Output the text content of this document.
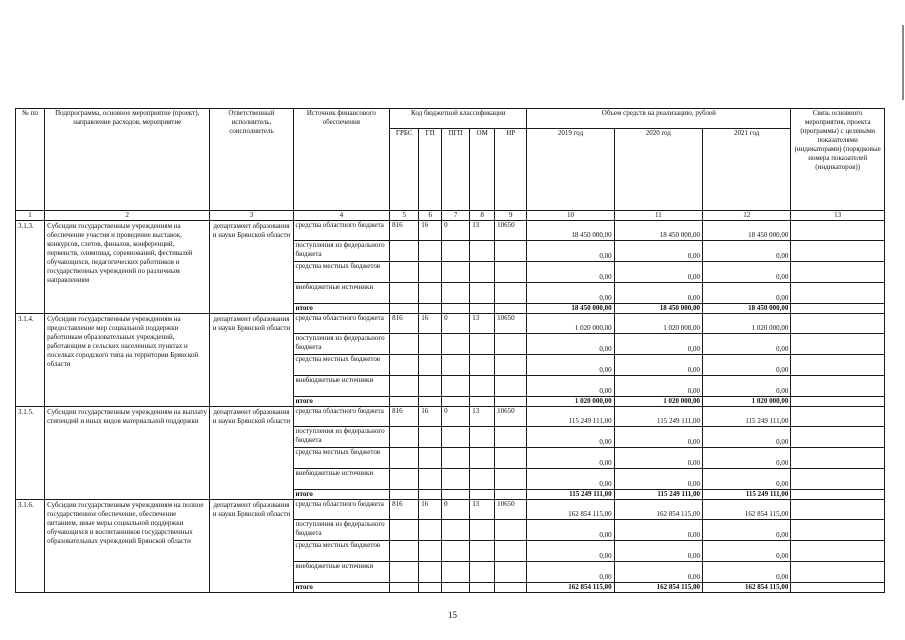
№ пп	Подпрограмма, основное мероприятие (проект), направление расходов, мероприятие	Ответственный исполнитель, соисполнитель	Источник финансового обеспечения	Код бюджетной классификации					Объем средств на реализацию, рублей			Связь основного мероприятия, проекта (программы) с целевыми показателями (индикаторами) (порядковые номера показателей (индикаторов))
				ГРБС	ГП	ПГП	ОМ	НР	2019 год	2020 год	2021 год	
1	2	3	4	5	6	7	8	9	10	11	12	13
3.1.3.	Субсидии государственным учреждениям на обеспечение участия и проведение выставок, конкурсов, слетов, финалов, конференций, первенств, олимпиад, соревнований, фестивалей обучающихся, педагогических работников и государственных учреждений по различным направлениям	департамент образования и науки Брянской области	средства областного бюджета	816	16	0	13	10650	18 450 000,00	18 450 000,00	18 450 000,00	
			поступления из федерального бюджета						0,00	0,00	0,00	
			средства местных бюджетов						0,00	0,00	0,00	
			внебюджетные источники						0,00	0,00	0,00	
			итого						18 450 000,00	18 450 000,00	18 450 000,00	
3.1.4.	Субсидии государственным учреждениям на предоставление мер социальной поддержки работникам образовательных учреждений, работающим в сельских населенных пунктах и поселках городского типа на территории Брянской области	департамент образования и науки Брянской области	средства областного бюджета	816	16	0	13	10650	1 020 000,00	1 020 000,00	1 020 000,00	
			поступления из федерального бюджета						0,00	0,00	0,00	
			средства местных бюджетов						0,00	0,00	0,00	
			внебюджетные источники						0,00	0,00	0,00	
			итого						1 020 000,00	1 020 000,00	1 020 000,00	
3.1.5.	Субсидии государственным учреждениям на выплату стипендий и иных видов материальной поддержки	департамент образования и науки Брянской области	средства областного бюджета	816	16	0	13	10650	115 249 111,00	115 249 111,00	115 249 111,00	
			поступления из федерального бюджета						0,00	0,00	0,00	
			средства местных бюджетов						0,00	0,00	0,00	
			внебюджетные источники						0,00	0,00	0,00	
			итого						115 249 111,00	115 249 111,00	115 249 111,00	
3.1.6.	Субсидии государственным учреждениям на полное государственное обеспечение, обеспечение питанием, иные меры социальной поддержки обучающихся и воспитанников государственных образовательных учреждений Брянской области	департамент образования и науки Брянской области	средства областного бюджета	816	16	0	13	10650	162 854 115,00	162 854 115,00	162 854 115,00	
			поступления из федерального бюджета						0,00	0,00	0,00	
			средства местных бюджетов						0,00	0,00	0,00	
			внебюджетные источники						0,00	0,00	0,00	
			итого						162 854 115,00	162 854 115,00	162 854 115,00	
15
